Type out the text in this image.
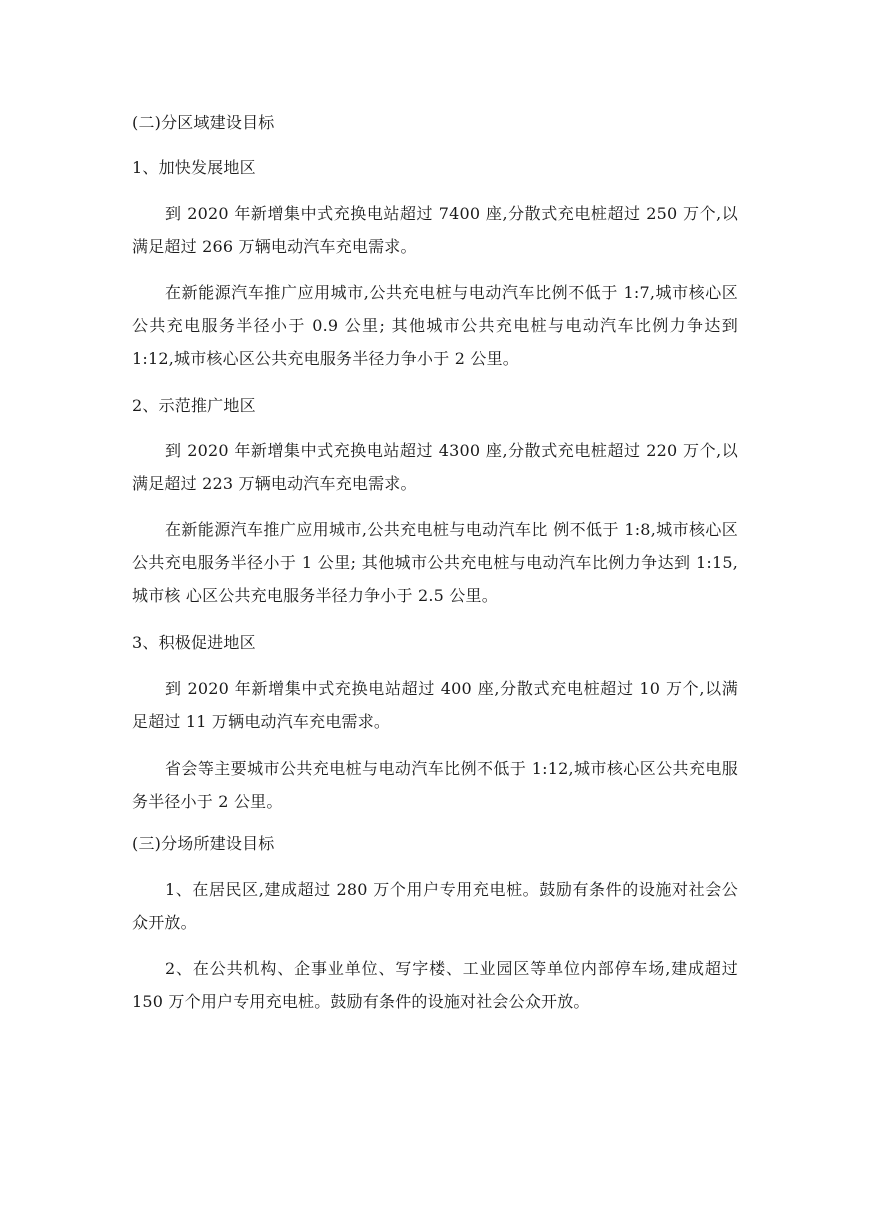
(二)分区域建设目标
1、加快发展地区

到 2020 年新增集中式充换电站超过 7400 座,分散式充电桩超过 250 万个,以满足超过 266 万辆电动汽车充电需求。

在新能源汽车推广应用城市,公共充电桩与电动汽车比例不低于 1:7,城市核心区公共充电服务半径小于 0.9 公里; 其他城市公共充电桩与电动汽车比例力争达到 1:12,城市核心区公共充电服务半径力争小于 2 公里。

2、示范推广地区

到 2020 年新增集中式充换电站超过 4300 座,分散式充电桩超过 220 万个,以满足超过 223 万辆电动汽车充电需求。

在新能源汽车推广应用城市,公共充电桩与电动汽车比 例不低于 1:8,城市核心区公共充电服务半径小于 1 公里; 其他城市公共充电桩与电动汽车比例力争达到 1:15,城市核 心区公共充电服务半径力争小于 2.5 公里。

3、积极促进地区

到 2020 年新增集中式充换电站超过 400 座,分散式充电桩超过 10 万个,以满足超过 11 万辆电动汽车充电需求。

省会等主要城市公共充电桩与电动汽车比例不低于 1:12,城市核心区公共充电服务半径小于 2 公里。

(三)分场所建设目标

1、在居民区,建成超过 280 万个用户专用充电桩。鼓励有条件的设施对社会公众开放。

2、在公共机构、企事业单位、写字楼、工业园区等单位内部停车场,建成超过 150 万个用户专用充电桩。鼓励有条件的设施对社会公众开放。
